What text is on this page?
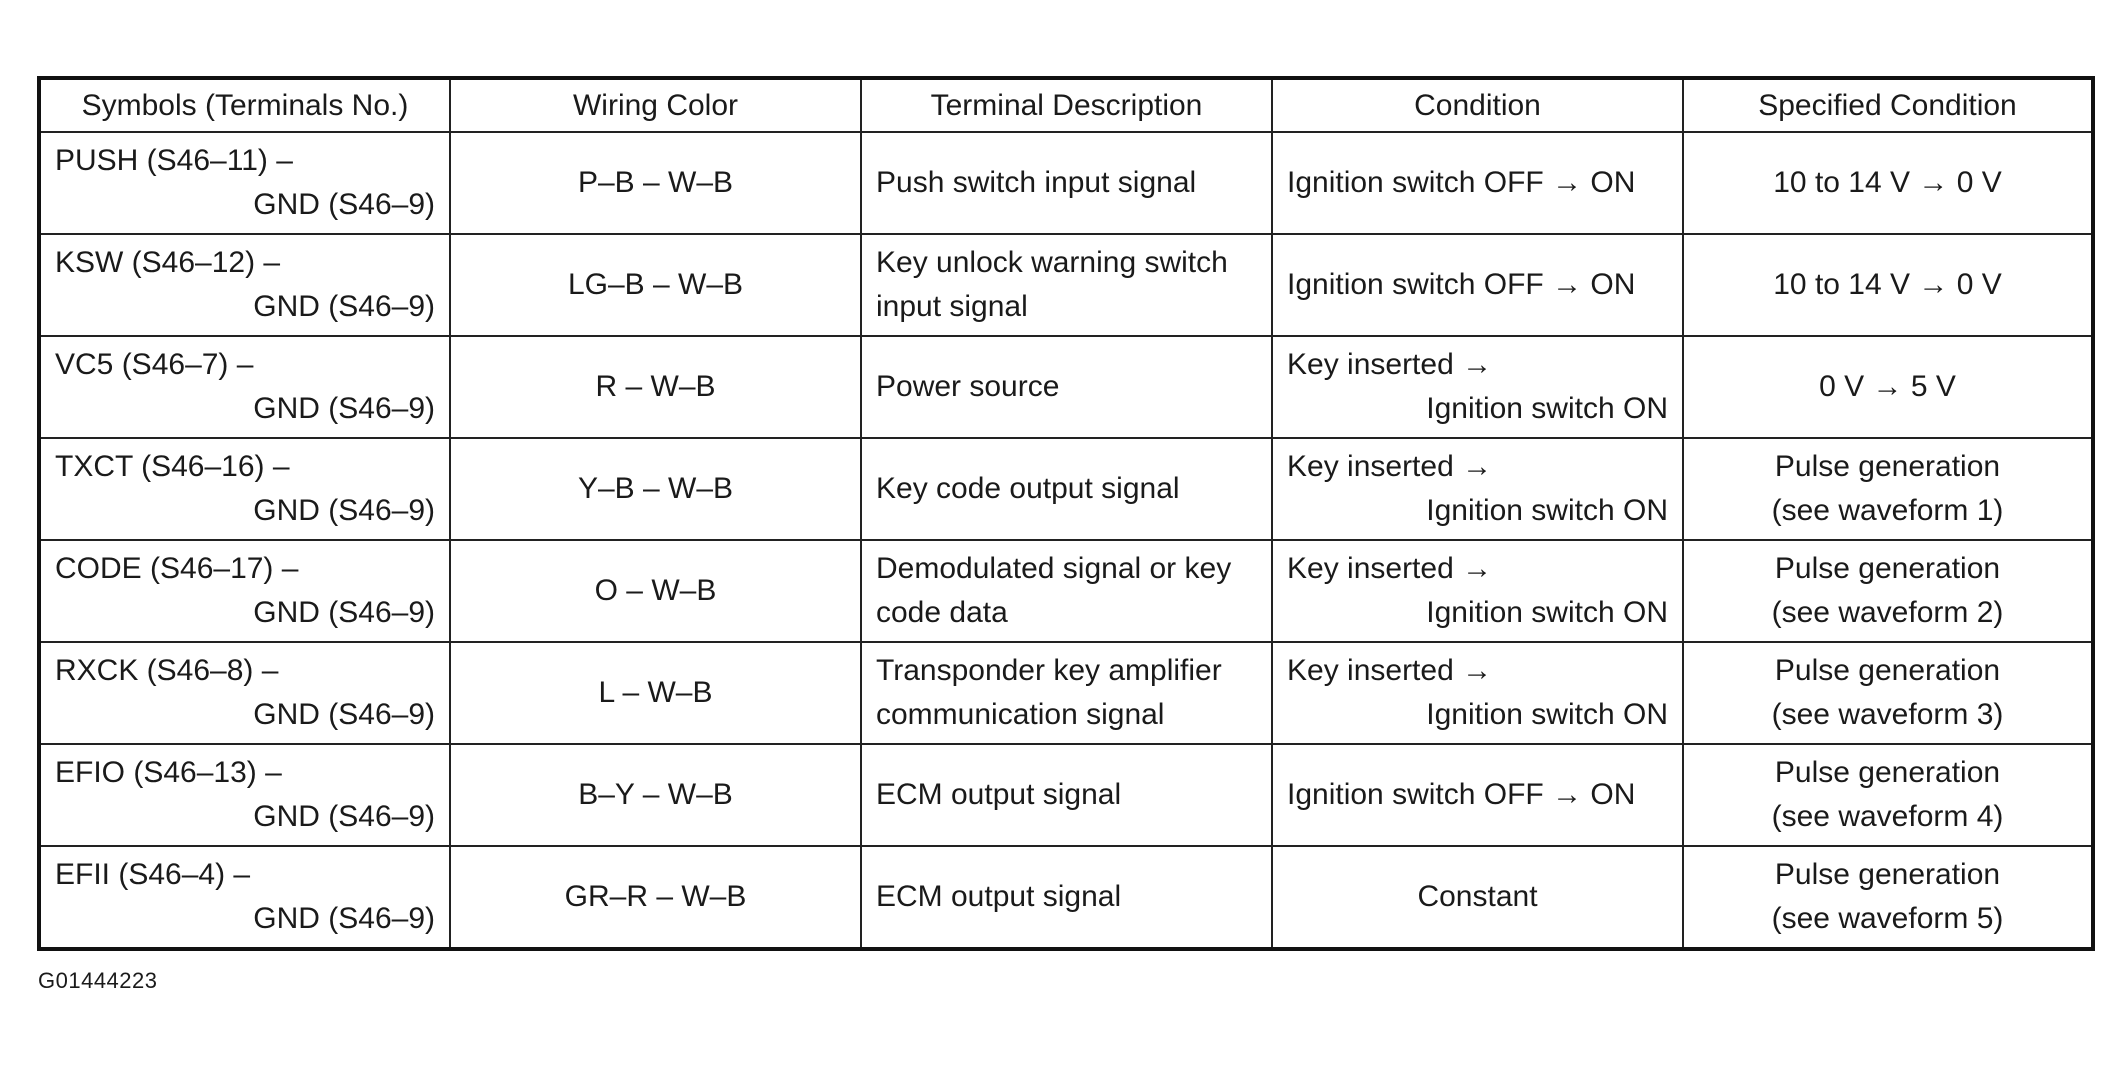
Symbols (Terminals No.)	Wiring Color	Terminal Description	Condition	Specified Condition

PUSH (S46–11) –
GND (S46–9)	P–B – W–B	Push switch input signal	Ignition switch OFF → ON	10 to 14 V → 0 V

KSW (S46–12) –
GND (S46–9)	LG–B – W–B	Key unlock warning switch
input signal	Ignition switch OFF → ON	10 to 14 V → 0 V

VC5 (S46–7) –
GND (S46–9)	R – W–B	Power source	Key inserted →
Ignition switch ON	0 V → 5 V

TXCT (S46–16) –
GND (S46–9)	Y–B – W–B	Key code output signal	Key inserted →
Ignition switch ON	Pulse generation
(see waveform 1)

CODE (S46–17) –
GND (S46–9)	O – W–B	Demodulated signal or key
code data	Key inserted →
Ignition switch ON	Pulse generation
(see waveform 2)

RXCK (S46–8) –
GND (S46–9)	L – W–B	Transponder key amplifier
communication signal	Key inserted →
Ignition switch ON	Pulse generation
(see waveform 3)

EFIO (S46–13) –
GND (S46–9)	B–Y – W–B	ECM output signal	Ignition switch OFF → ON	Pulse generation
(see waveform 4)

EFII (S46–4) –
GND (S46–9)	GR–R – W–B	ECM output signal	Constant	Pulse generation
(see waveform 5)
G01444223
